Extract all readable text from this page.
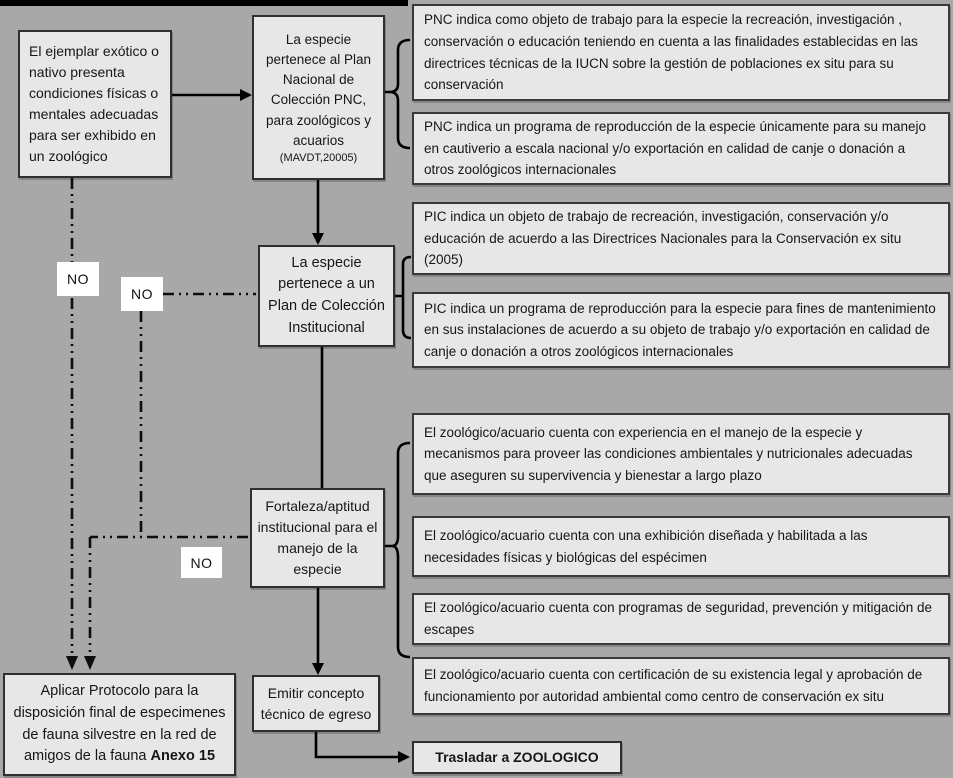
NO
NO
NO
El ejemplar exótico o nativo presenta condiciones físicas o mentales adecuadas para ser exhibido en un zoológico
La especie pertenece al Plan Nacional de Colección PNC, para zoológicos y acuarios
(MAVDT,20005)
La especie pertenece a un Plan de Colección Institucional
Fortaleza/aptitud institucional para el manejo de la especie
Emitir concepto técnico de egreso
Aplicar Protocolo para la disposición final de especimenes de fauna silvestre en la red de amigos de la fauna Anexo 15	Trasladar a ZOOLOGICO
PNC indica como objeto de trabajo para la especie la recreación, investigación , conservación o educación teniendo en cuenta a las finalidades establecidas en las directrices técnicas de la IUCN sobre la gestión de poblaciones ex situ para su conservación
PNC indica un programa de reproducción de la especie únicamente para su manejo en cautiverio a escala nacional y/o exportación en calidad de canje o donación a otros zoológicos internacionales
PIC indica un objeto de trabajo de recreación, investigación, conservación y/o educación de acuerdo a las Directrices Nacionales para la Conservación ex situ (2005)
PIC indica un programa de reproducción para la especie para fines de mantenimiento en sus instalaciones de acuerdo a su objeto de trabajo y/o exportación en calidad de canje o donación a otros zoológicos internacionales
El zoológico/acuario cuenta con experiencia en el manejo de la especie y mecanismos para proveer las condiciones ambientales y nutricionales adecuadas que aseguren su supervivencia y bienestar a largo plazo
El zoológico/acuario cuenta con una exhibición diseñada y habilitada a las necesidades físicas y biológicas del espécimen
El zoológico/acuario cuenta con programas de seguridad, prevención y mitigación de escapes
El zoológico/acuario cuenta con certificación de su existencia legal y aprobación de funcionamiento por autoridad ambiental como centro de conservación ex situ
